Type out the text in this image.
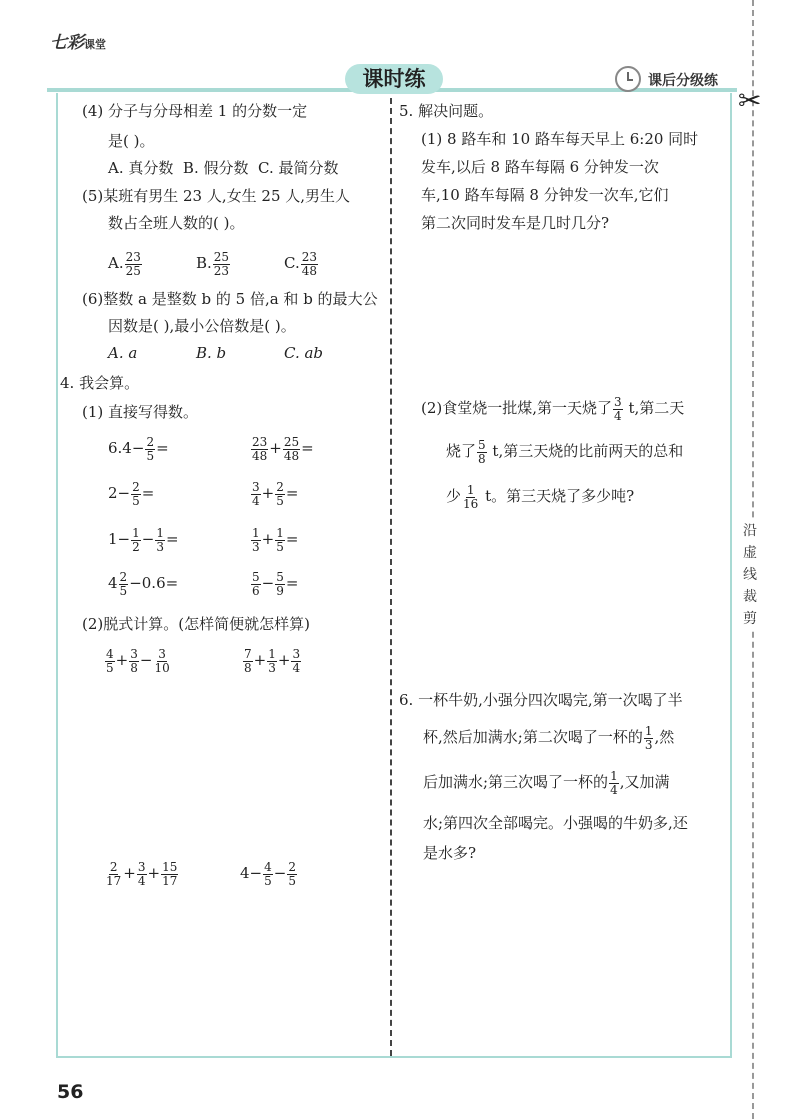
七彩课堂
课时练	课后分级练
✂
沿
虚
线
裁
剪
(4) 分子与分母相差 1 的分数一定
是( )。
A. 真分数 B. 假分数 C. 最简分数
(5)某班有男生 23 人,女生 25 人,男生人
数占全班人数的( )。
A. $\frac{23}{25}$	B. $\frac{25}{23}$	C. $\frac{23}{48}$
(6)整数 a 是整数 b 的 5 倍,a 和 b 的最大公
因数是( ),最小公倍数是( )。
A. a	B. b	C. ab
4. 我会算。
(1) 直接写得数。
$6.4- \frac{2}{5}$ =	$\frac{23}{48} + \frac{25}{48}$ =
$2- \frac{2}{5}$ =	$\frac{3}{4} + \frac{2}{5}$ =
$1- \frac{1}{2} - \frac{1}{3}$ =	$\frac{1}{3} + \frac{1}{5}$ =
$4 \frac{2}{5} -0.6=$	$\frac{5}{6} - \frac{5}{9}$ =
(2)脱式计算。(怎样简便就怎样算)
$\frac{4}{5} + \frac{3}{8} - \frac{3}{10}$	$\frac{7}{8} + \frac{1}{3} + \frac{3}{4}$
$\frac{2}{17} + \frac{3}{4} + \frac{15}{17}$	$4- \frac{4}{5} - \frac{2}{5}$
5. 解决问题。
(1) 8 路车和 10 路车每天早上 6:20 同时
发车,以后 8 路车每隔 6 分钟发一次
车,10 路车每隔 8 分钟发一次车,它们
第二次同时发车是几时几分?
(2)食堂烧一批煤,第一天烧了 $\frac{3}{4} t$,第二天
烧了 $\frac{5}{8} t$,第三天烧的比前两天的总和
少 $\frac{1}{16}$ t。第三天烧了多少吨?
6. 一杯牛奶,小强分四次喝完,第一次喝了半
杯,然后加满水;第二次喝了一杯的 $\frac{1}{3}$ ,然
后加满水;第三次喝了一杯的 $\frac{1}{4}$ ,又加满
水;第四次全部喝完。小强喝的牛奶多,还
是水多?
56
